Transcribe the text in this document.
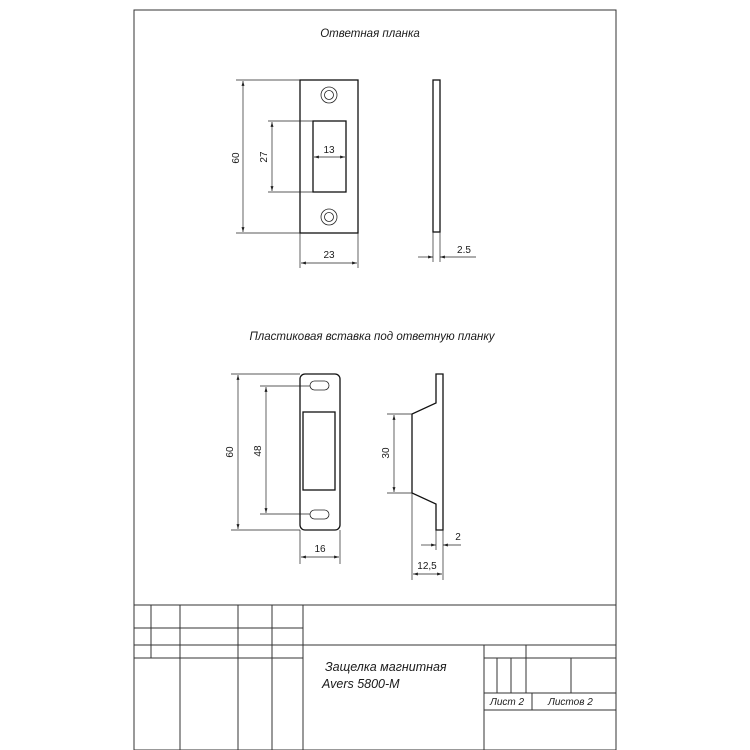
Ответная планка
60 27
13
23	2.5
Пластиковая вставка под ответную планку
60 48	30
16
2
12,5
Защелка магнитная
Avers 5800-M
Лист 2 Листов 2
